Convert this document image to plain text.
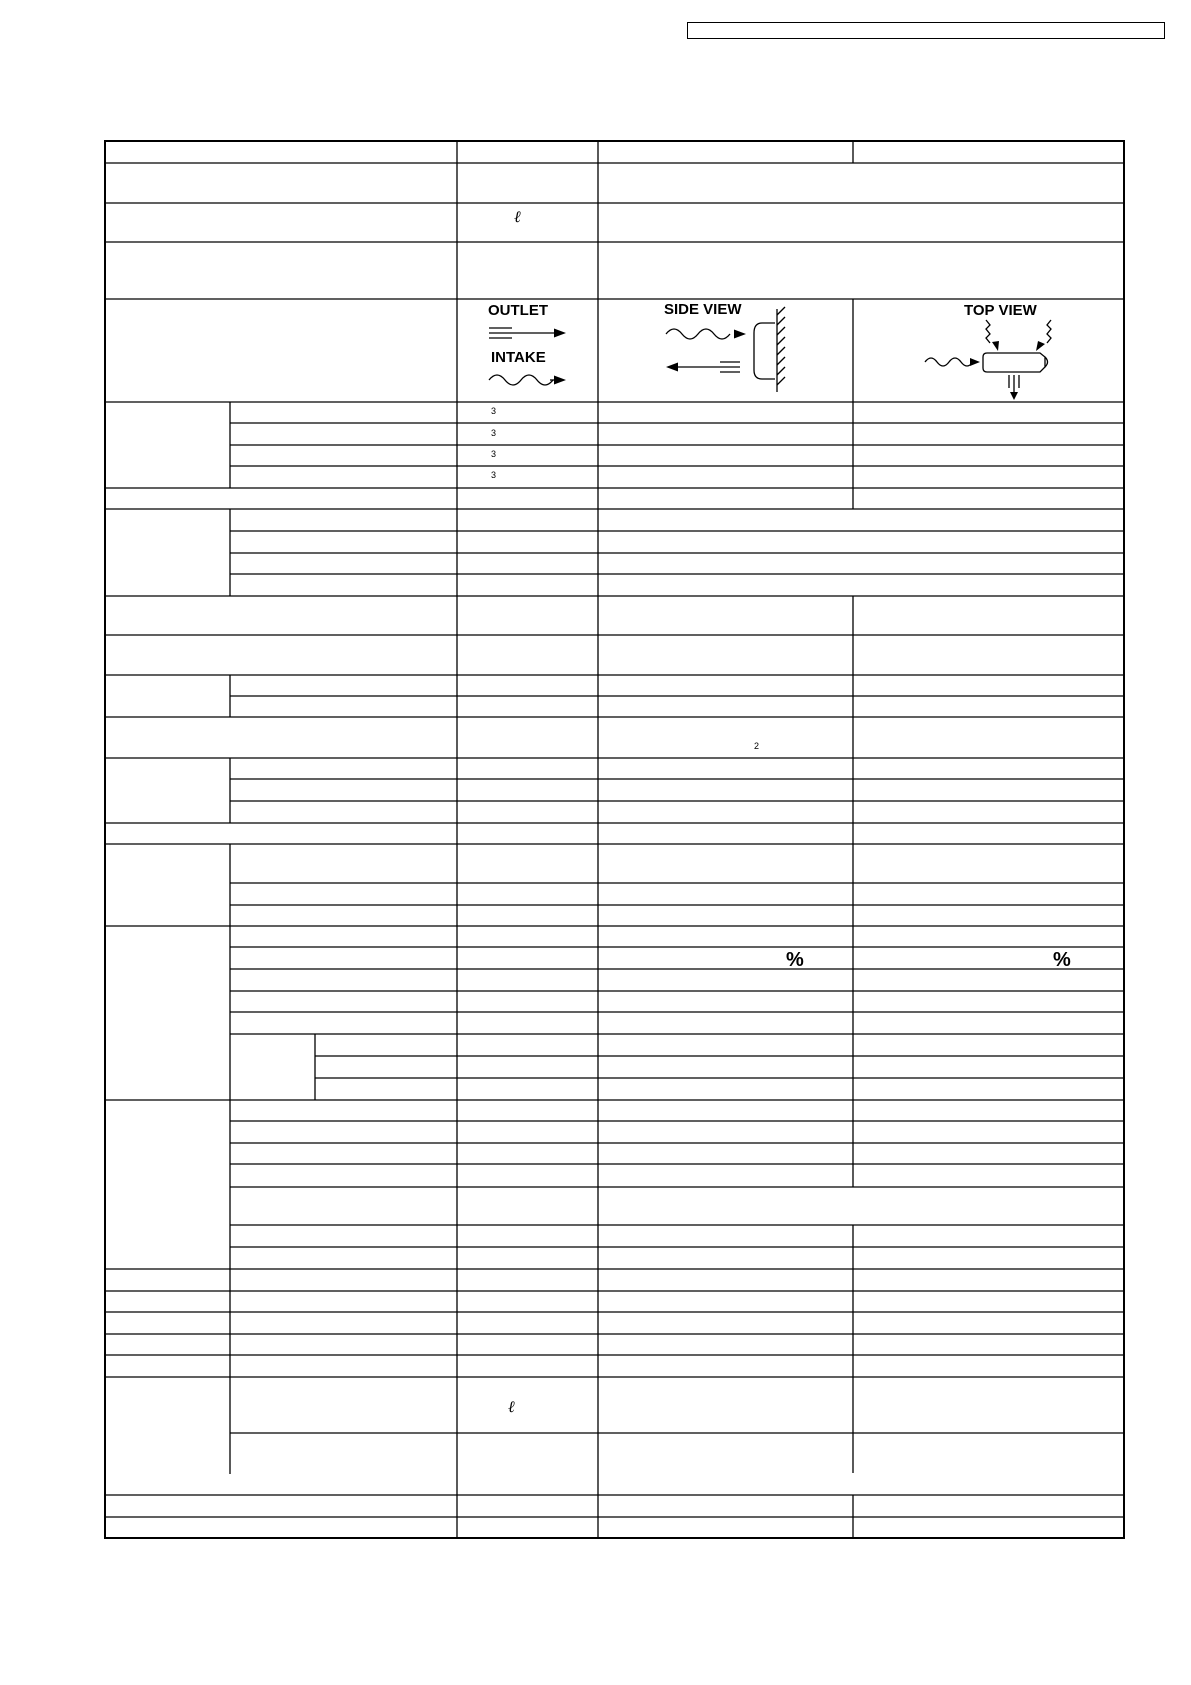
OUTLET
INTAKE
SIDE VIEW	TOP VIEW
ℓ
3
3
3
3
2
%	%
ℓ
